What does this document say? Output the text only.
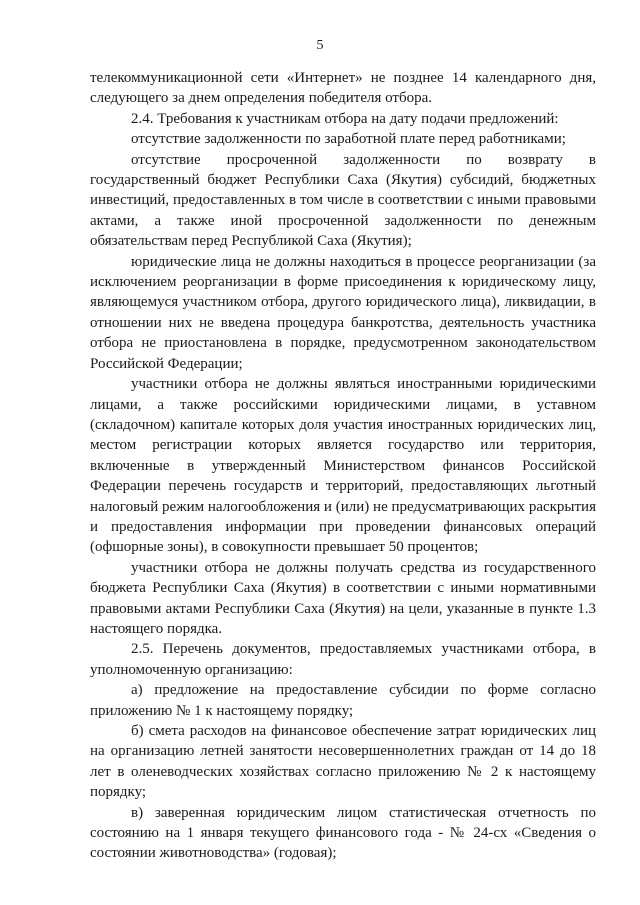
5

телекоммуникационной сети «Интернет» не позднее 14 календарного дня, следующего за днем определения победителя отбора.

2.4. Требования к участникам отбора на дату подачи предложений:

отсутствие задолженности по заработной плате перед работниками;

отсутствие просроченной задолженности по возврату в государственный бюджет Республики Саха (Якутия) субсидий, бюджетных инвестиций, предоставленных в том числе в соответствии с иными правовыми актами, а также иной просроченной задолженности по денежным обязательствам перед Республикой Саха (Якутия);

юридические лица не должны находиться в процессе реорганизации (за исключением реорганизации в форме присоединения к юридическому лицу, являющемуся участником отбора, другого юридического лица), ликвидации, в отношении них не введена процедура банкротства, деятельность участника отбора не приостановлена в порядке, предусмотренном законодательством Российской Федерации;

участники отбора не должны являться иностранными юридическими лицами, а также российскими юридическими лицами, в уставном (складочном) капитале которых доля участия иностранных юридических лиц, местом регистрации которых является государство или территория, включенные в утвержденный Министерством финансов Российской Федерации перечень государств и территорий, предоставляющих льготный налоговый режим налогообложения и (или) не предусматривающих раскрытия и предоставления информации при проведении финансовых операций (офшорные зоны), в совокупности превышает 50 процентов;

участники отбора не должны получать средства из государственного бюджета Республики Саха (Якутия) в соответствии с иными нормативными правовыми актами Республики Саха (Якутия) на цели, указанные в пункте 1.3 настоящего порядка.

2.5. Перечень документов, предоставляемых участниками отбора, в уполномоченную организацию:

а) предложение на предоставление субсидии по форме согласно приложению № 1 к настоящему порядку;

б) смета расходов на финансовое обеспечение затрат юридических лиц на организацию летней занятости несовершеннолетних граждан от 14 до 18 лет в оленеводческих хозяйствах согласно приложению № 2 к настоящему порядку;

в) заверенная юридическим лицом статистическая отчетность по состоянию на 1 января текущего финансового года - № 24-сх «Сведения о состоянии животноводства» (годовая);
